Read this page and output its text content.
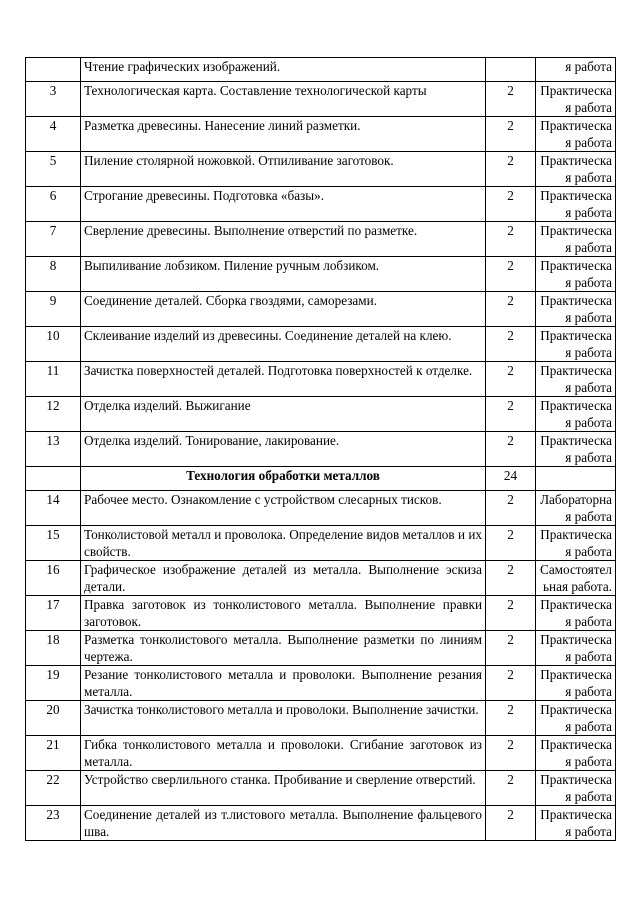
	Чтение графических изображений.		я работа
3	Технологическая карта. Составление технологической карты	2	Практическа
я работа
4	Разметка древесины. Нанесение линий разметки.	2	Практическа
я работа
5	Пиление столярной ножовкой. Отпиливание заготовок.	2	Практическа
я работа
6	Строгание древесины. Подготовка «базы».	2	Практическа
я работа
7	Сверление древесины. Выполнение отверстий по разметке.	2	Практическа
я работа
8	Выпиливание лобзиком. Пиление ручным лобзиком.	2	Практическа
я работа
9	Соединение деталей. Сборка гвоздями, саморезами.	2	Практическа
я работа
10	Склеивание изделий из древесины. Соединение деталей на клею.	2	Практическа
я работа
11	Зачистка поверхностей деталей. Подготовка поверхностей к отделке.	2	Практическа
я работа
12	Отделка изделий. Выжигание	2	Практическа
я работа
13	Отделка изделий. Тонирование, лакирование.	2	Практическа
я работа
	Технология обработки металлов	24	
14	Рабочее место. Ознакомление с устройством слесарных тисков.	2	Лабораторна
я работа
15	Тонколистовой металл и проволока. Определение видов металлов и их свойств.	2	Практическа
я работа
16	Графическое изображение деталей из металла. Выполнение эскиза детали.	2	Самостоятел
ьная работа.
17	Правка заготовок из тонколистового металла. Выполнение правки заготовок.	2	Практическа
я работа
18	Разметка тонколистового металла. Выполнение разметки по линиям чертежа.	2	Практическа
я работа
19	Резание тонколистового металла и проволоки. Выполнение резания металла.	2	Практическа
я работа
20	Зачистка тонколистового металла и проволоки. Выполнение зачистки.	2	Практическа
я работа
21	Гибка тонколистового металла и проволоки. Сгибание заготовок из металла.	2	Практическа
я работа
22	Устройство сверлильного станка. Пробивание и сверление отверстий.	2	Практическа
я работа
23	Соединение деталей из т.листового металла. Выполнение фальцевого шва.	2	Практическа
я работа
